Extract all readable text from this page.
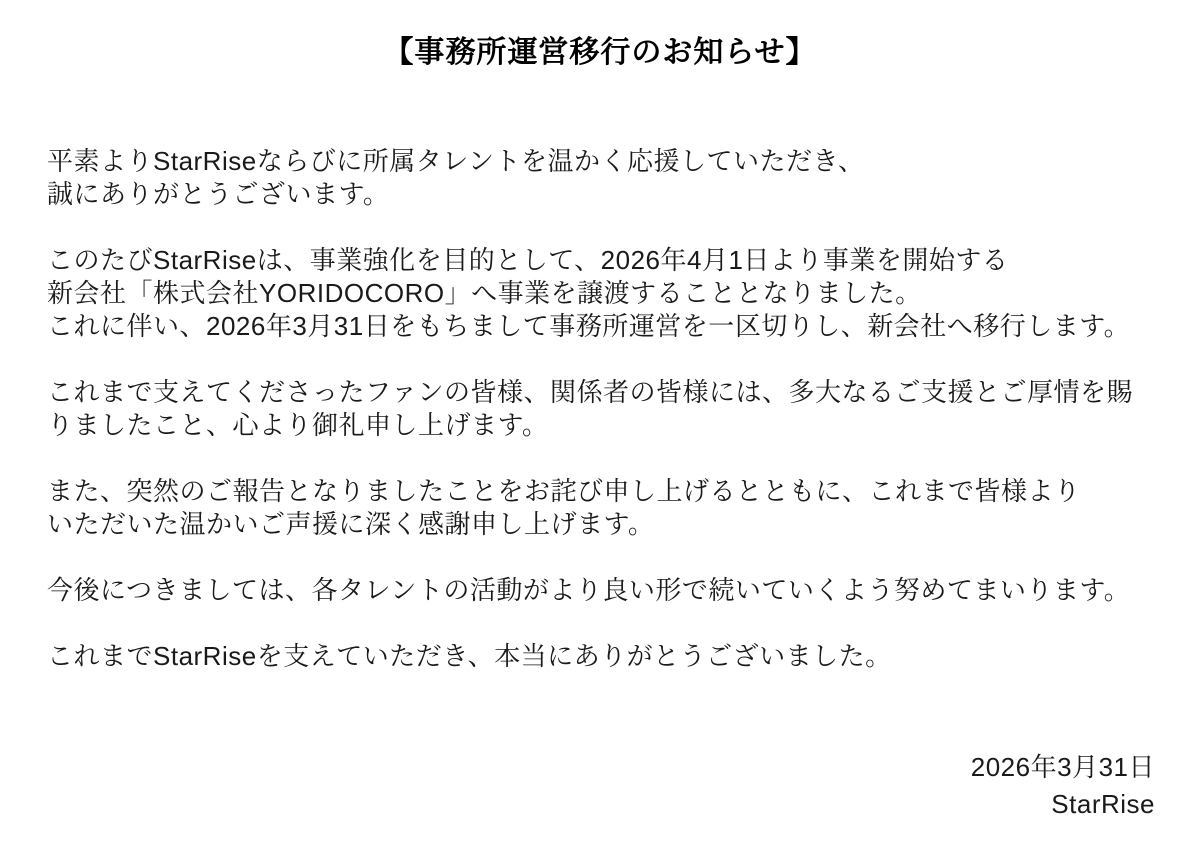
【事務所運営移行のお知らせ】

平素よりStarRiseならびに所属タレントを温かく応援していただき、
誠にありがとうございます。

このたびStarRiseは、事業強化を目的として、2026年4月1日より事業を開始する
新会社「株式会社YORIDOCORO」へ事業を譲渡することとなりました。
これに伴い、2026年3月31日をもちまして事務所運営を一区切りし、新会社へ移行します。

これまで支えてくださったファンの皆様、関係者の皆様には、多大なるご支援とご厚情を賜
りましたこと、心より御礼申し上げます。

また、突然のご報告となりましたことをお詫び申し上げるとともに、これまで皆様より
いただいた温かいご声援に深く感謝申し上げます。

今後につきましては、各タレントの活動がより良い形で続いていくよう努めてまいります。

これまでStarRiseを支えていただき、本当にありがとうございました。

2026年3月31日
StarRise
